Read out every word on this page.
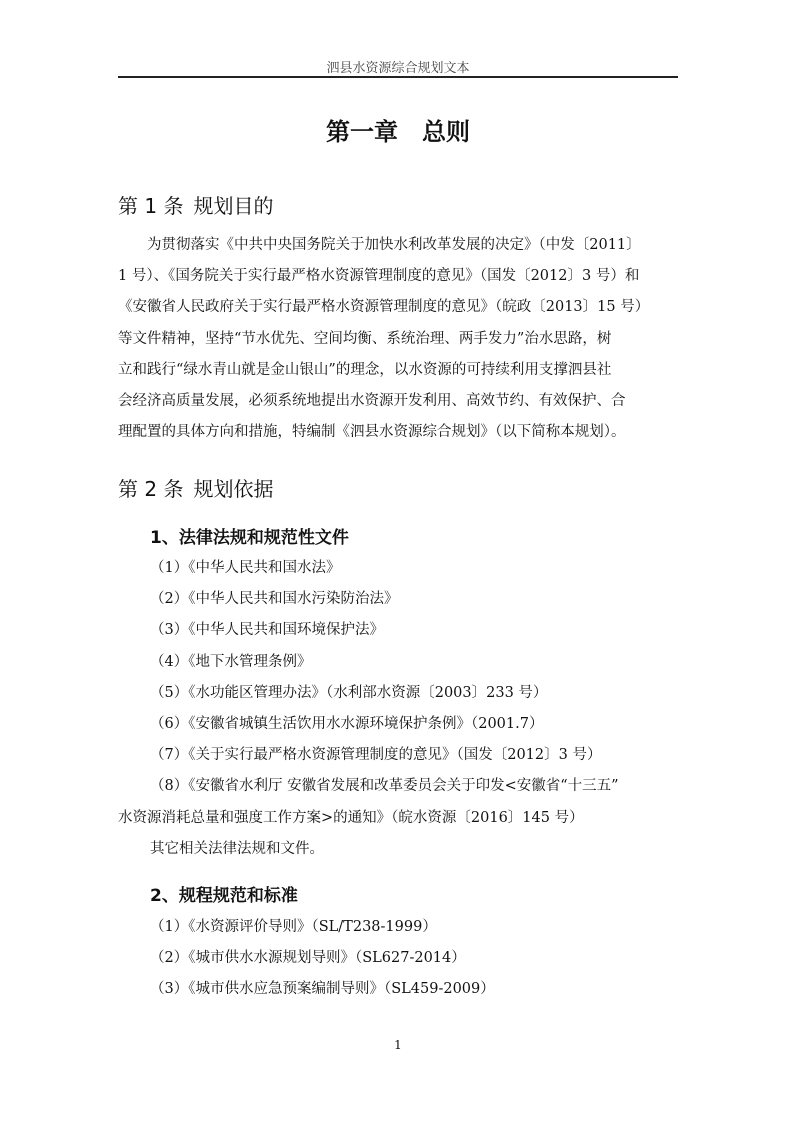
泗县水资源综合规划文本
第一章　总则
第 1 条 规划目的

　　为贯彻落实《中共中央国务院关于加快水利改革发展的决定》（中发〔2011〕
1 号）、《国务院关于实行最严格水资源管理制度的意见》（国发〔2012〕3 号）和
《安徽省人民政府关于实行最严格水资源管理制度的意见》（皖政〔2013〕15 号）
等文件精神，坚持“节水优先、空间均衡、系统治理、两手发力”治水思路，树
立和践行“绿水青山就是金山银山”的理念，以水资源的可持续利用支撑泗县社
会经济高质量发展，必须系统地提出水资源开发利用、高效节约、有效保护、合
理配置的具体方向和措施，特编制《泗县水资源综合规划》（以下简称本规划）。

第 2 条 规划依据
1、法律法规和规范性文件
（1）《中华人民共和国水法》
（2）《中华人民共和国水污染防治法》
（3）《中华人民共和国环境保护法》
（4）《地下水管理条例》
（5）《水功能区管理办法》（水利部水资源〔2003〕233 号）
（6）《安徽省城镇生活饮用水水源环境保护条例》（2001.7）
（7）《关于实行最严格水资源管理制度的意见》（国发〔2012〕3 号）
（8）《安徽省水利厅 安徽省发展和改革委员会关于印发<安徽省“十三五”
水资源消耗总量和强度工作方案>的通知》（皖水资源〔2016〕145 号）
其它相关法律法规和文件。
2、规程规范和标准
（1）《水资源评价导则》（SL/T238-1999）
（2）《城市供水水源规划导则》（SL627-2014）
（3）《城市供水应急预案编制导则》（SL459-2009）
1
